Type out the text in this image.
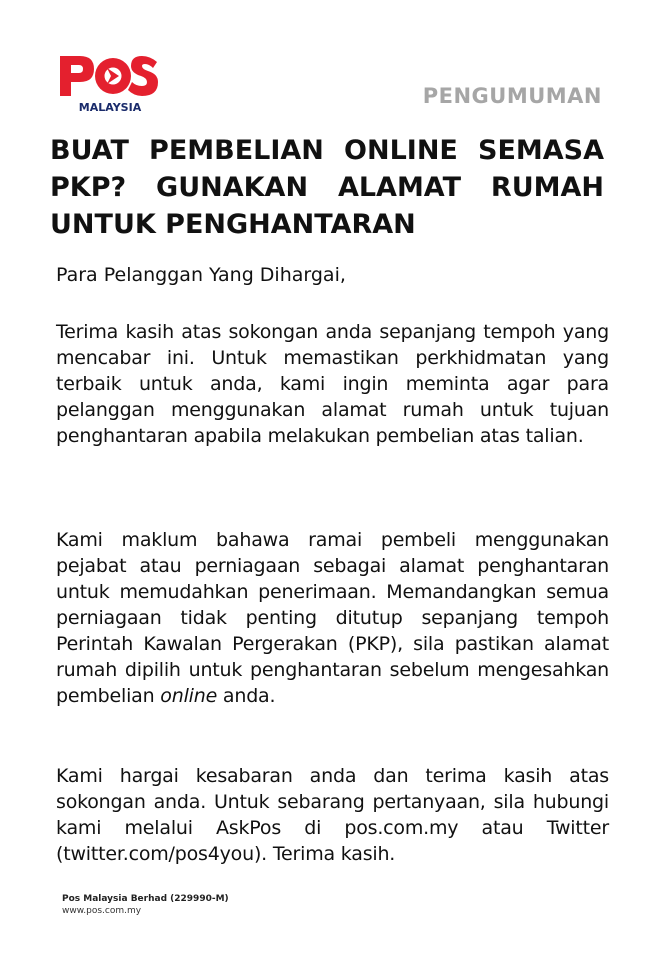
MALAYSIA	PENGUMUMAN

BUAT PEMBELIAN ONLINE SEMASA
PKP? GUNAKAN ALAMAT RUMAH
UNTUK PENGHANTARAN

Para Pelanggan Yang Dihargai,

Terima kasih atas sokongan anda sepanjang tempoh yang mencabar ini. Untuk memastikan perkhidmatan yang terbaik untuk anda, kami ingin meminta agar para pelanggan menggunakan alamat rumah untuk tujuan penghantaran apabila melakukan pembelian atas talian.

Kami maklum bahawa ramai pembeli menggunakan pejabat atau perniagaan sebagai alamat penghantaran untuk memudahkan penerimaan. Memandangkan semua perniagaan tidak penting ditutup sepanjang tempoh Perintah Kawalan Pergerakan (PKP), sila pastikan alamat rumah dipilih untuk penghantaran sebelum mengesahkan pembelian online anda.

Kami hargai kesabaran anda dan terima kasih atas sokongan anda. Untuk sebarang pertanyaan, sila hubungi kami melalui AskPos di pos.com.my atau Twitter (twitter.com/pos4you). Terima kasih.

Pos Malaysia Berhad (229990-M)
www.pos.com.my
